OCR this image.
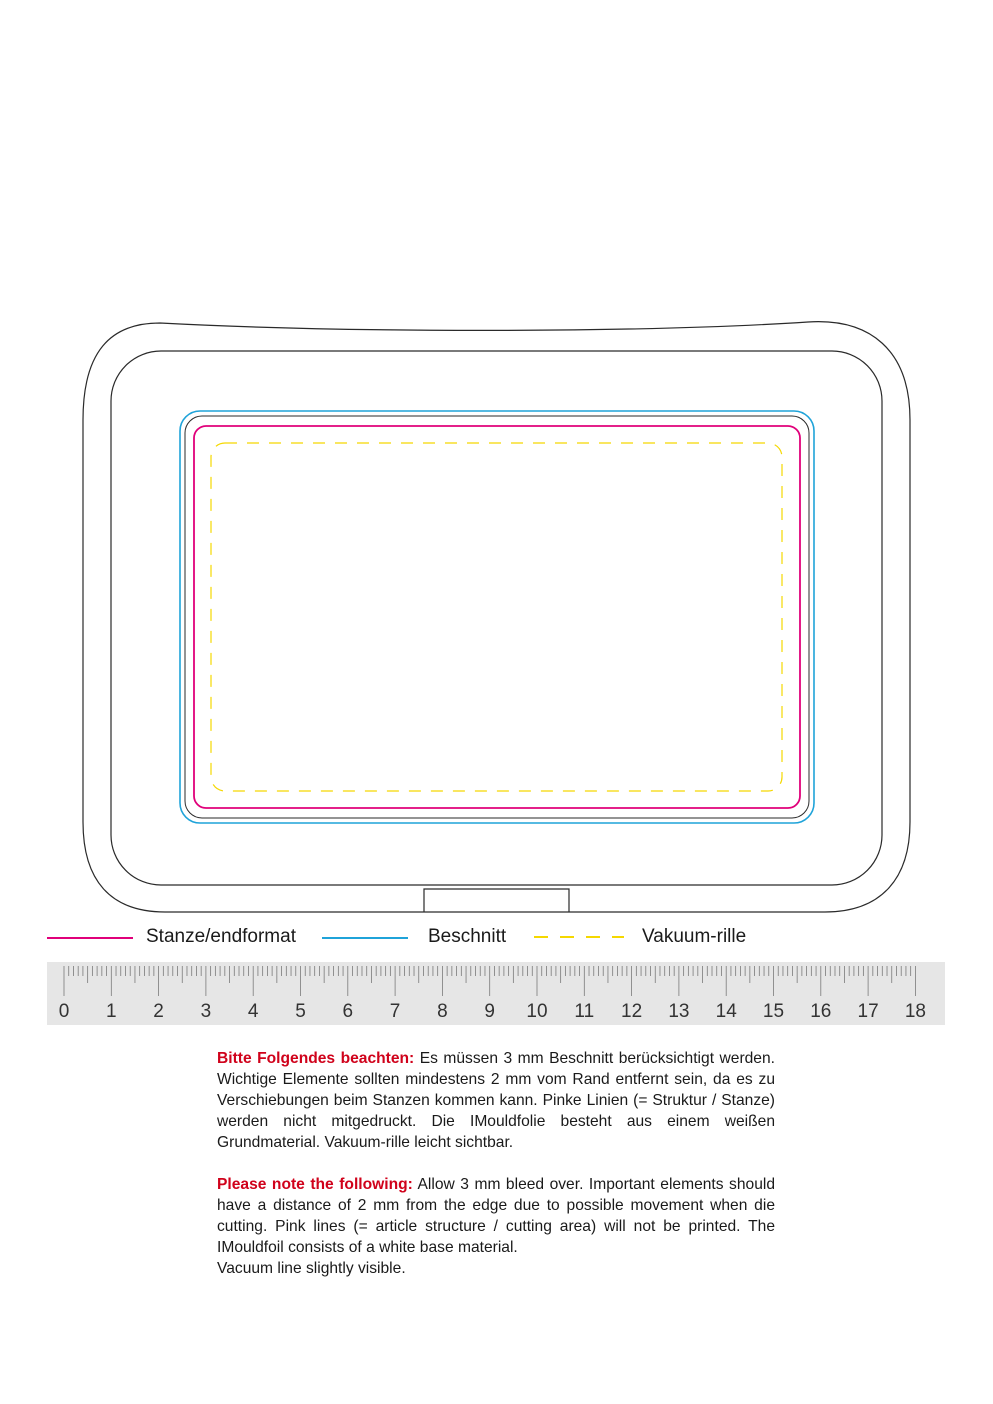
Stanze/endformat	Beschnitt	Vakuum-rille
0 1 2 3 4 5 6 7 8 9 10 11 12 13 14 15 16 17 18

Bitte Folgendes beachten: Es müssen 3 mm Beschnitt berücksichtigt werden. Wichtige Elemente sollten mindestens 2 mm vom Rand entfernt sein, da es zu Verschiebungen beim Stanzen kommen kann. Pinke Linien (= Struktur / Stanze) werden nicht mitgedruckt. Die IMouldfolie besteht aus einem weißen Grundmaterial. Vakuum-rille leicht sichtbar.

Please note the following: Allow 3 mm bleed over. Important elements should have a distance of 2 mm from the edge due to possible movement when die cutting. Pink lines (= article structure / cutting area) will not be printed. The IMouldfoil consists of a white base material.
Vacuum line slightly visible.
